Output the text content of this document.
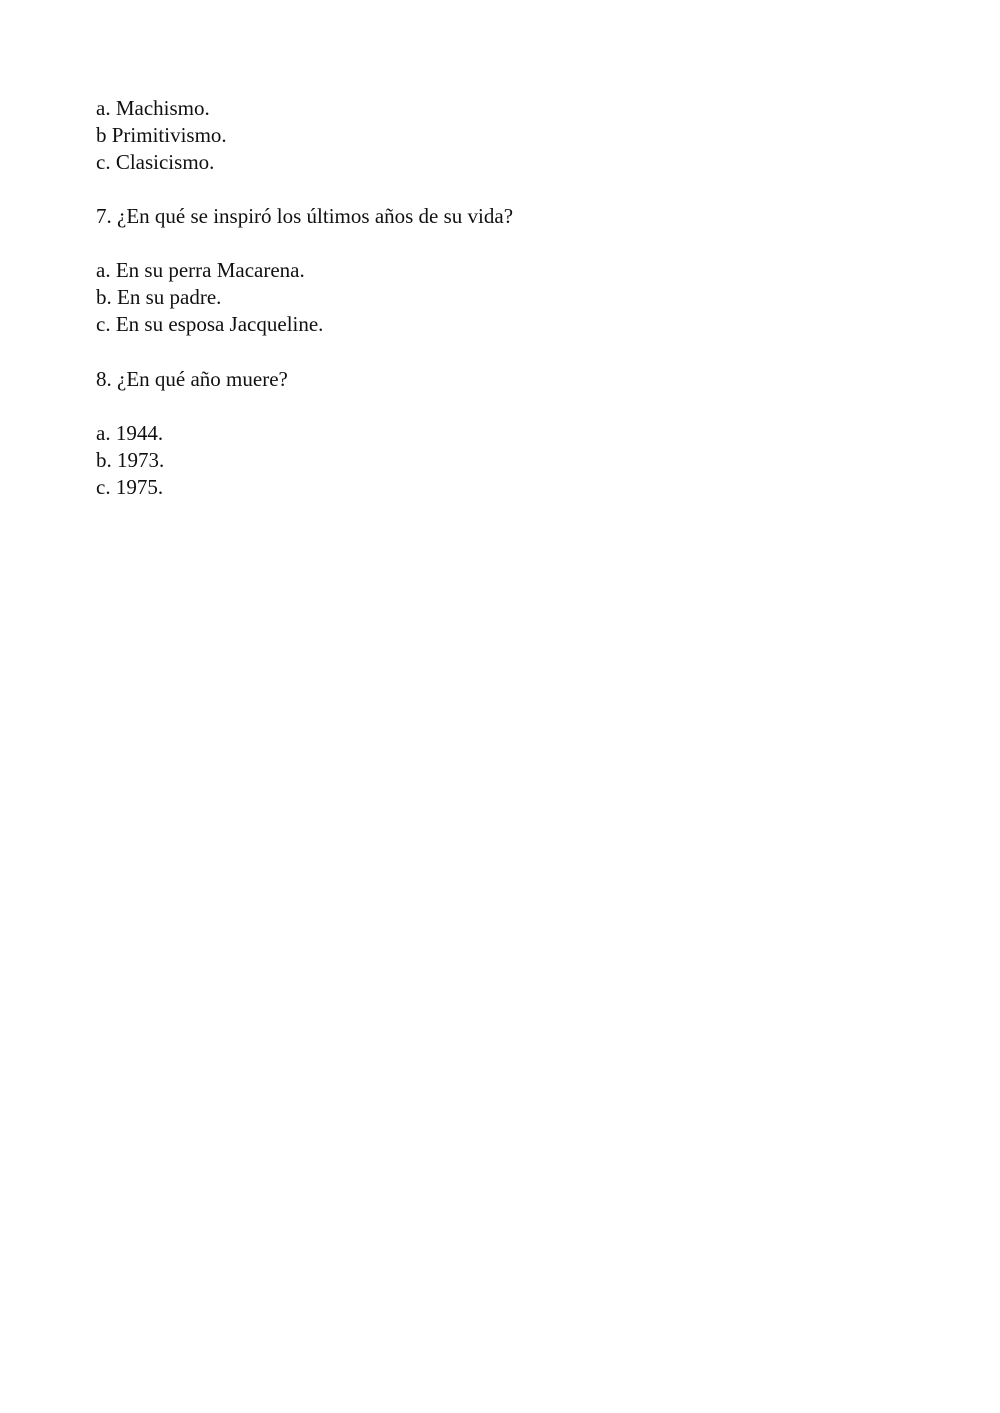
a. Machismo.
b Primitivismo.
c. Clasicismo.
7. ¿En qué se inspiró los últimos años de su vida?
a. En su perra Macarena.
b. En su padre.
c. En su esposa Jacqueline.
8. ¿En qué año muere?
a. 1944.
b. 1973.
c. 1975.
